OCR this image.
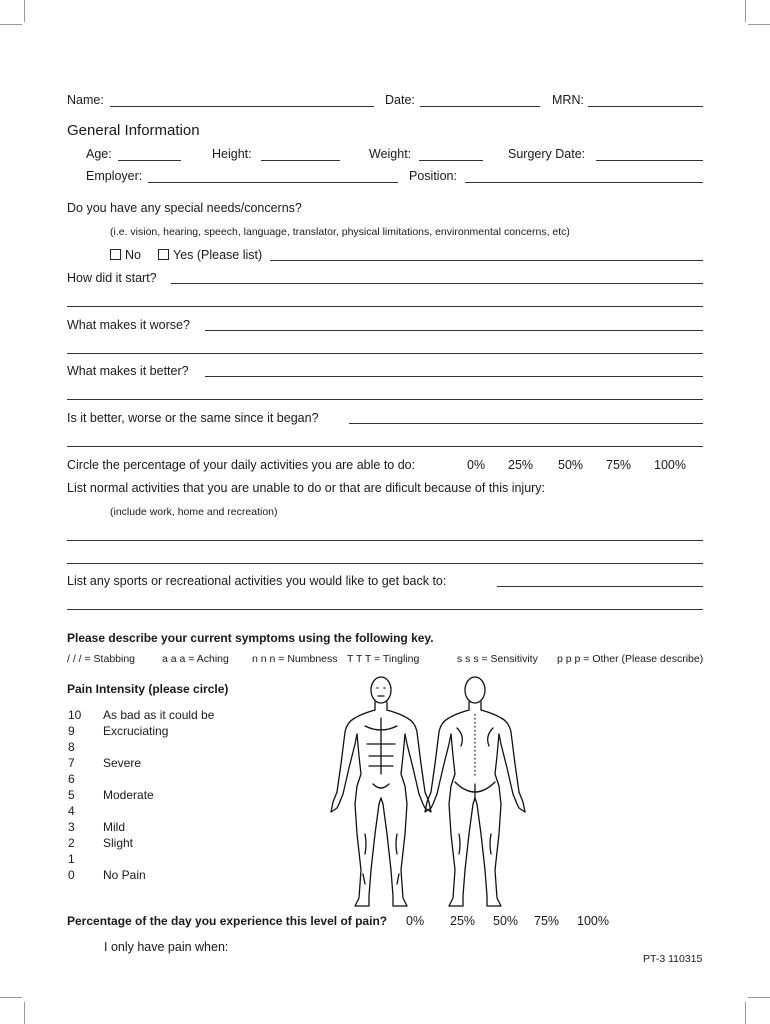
Name:	Date:	MRN:
General Information
Age:	Height:	Weight:	Surgery Date:
Employer:	Position:
Do you have any special needs/concerns?
(i.e. vision, hearing, speech, language, translator, physical limitations, environmental concerns, etc)
No	Yes (Please list)
How did it start?
What makes it worse?
What makes it better?
Is it better, worse or the same since it began?
Circle the percentage of your daily activities you are able to do:	0% 25% 50% 75% 100%
List normal activities that you are unable to do or that are dificult because of this injury:
(include work, home and recreation)
List any sports or recreational activities you would like to get back to:
Please describe your current symptoms using the following key.
/ / / = Stabbing	a a a = Aching n n n = Numbness T T T = Tingling	s s s = Sensitivity p p p = Other (Please describe)
Pain Intensity (please circle)
10 As bad as it could be
9 Excruciating
8
7 Severe
6
5 Moderate
4
3 Mild
2 Slight
1
0 No Pain
Percentage of the day you experience this level of pain? 0% 25% 50% 75% 100%
I only have pain when:
PT-3 110315
